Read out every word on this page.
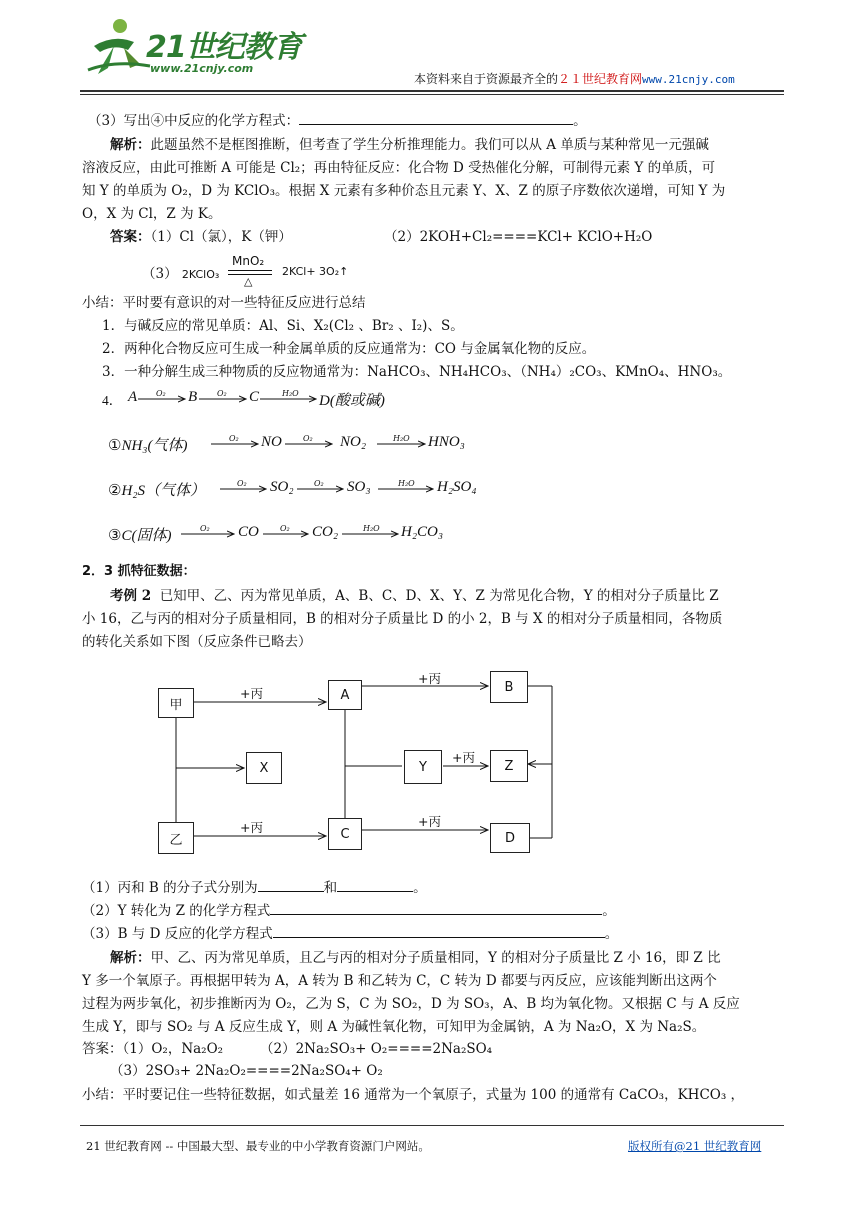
21世纪教育
www.21cnjy.com
本资料来自于资源最齐全的２１世纪教育网www.21cnjy.com
（3）写出④中反应的化学方程式：	。
解析：此题虽然不是框图推断，但考查了学生分析推理能力。我们可以从 A 单质与某种常见一元强碱
溶液反应，由此可推断 A 可能是 Cl₂；再由特征反应：化合物 D 受热催化分解，可制得元素 Y 的单质，可
知 Y 的单质为 O₂，D 为 KClO₃。根据 X 元素有多种价态且元素 Y、X、Z 的原子序数依次递增，可知 Y 为
O，X 为 Cl，Z 为 K。
答案：（1）Cl（氯），K（钾）	（2）2KOH+Cl₂====KCl+ KClO+H₂O
（3） 2KClO₃
MnO₂
△
2KCl+ 3O₂↑
小结：平时要有意识的对一些特征反应进行总结
1．与碱反应的常见单质：Al、Si、X₂(Cl₂ 、Br₂ 、I₂)、S。
2．两种化合物反应可生成一种金属单质的反应通常为：CO 与金属氧化物的反应。
3．一种分解生成三种物质的反应物通常为：NaHCO₃、NH₄HCO₃、（NH₄）₂CO₃、KMnO₄、HNO₃。
4． A O₂ B O₂ C	H₂O D(酸或碱)
①NH₃(气体)	O₂ NO	O₂ NO₂	H₂O HNO₃
②H₂S（气体）	O₂ SO₂	O₂ SO₃	H₂O H₂SO₄
③C(固体)	O₂ CO	O₂ CO₂	H₂O H₂CO₃
2．3 抓特征数据：
考例 2 已知甲、乙、丙为常见单质，A、B、C、D、X、Y、Z 为常见化合物，Y 的相对分子质量比 Z
小 16，乙与丙的相对分子质量相同，B 的相对分子质量比 D 的小 2，B 与 X 的相对分子质量相同，各物质
的转化关系如下图（反应条件已略去）
甲
A
B
X	Y	Z
乙	C	D
+丙
+丙
+丙
+丙	+丙
（1）丙和 B 的分子式分别为	和	。
（2）Y 转化为 Z 的化学方程式	。
（3）B 与 D 反应的化学方程式	。
解析：甲、乙、丙为常见单质，且乙与丙的相对分子质量相同，Y 的相对分子质量比 Z 小 16，即 Z 比
Y 多一个氧原子。再根据甲转为 A，A 转为 B 和乙转为 C，C 转为 D 都要与丙反应，应该能判断出这两个
过程为两步氧化，初步推断丙为 O₂，乙为 S，C 为 SO₂，D 为 SO₃，A、B 均为氧化物。又根据 C 与 A 反应
生成 Y，即与 SO₂ 与 A 反应生成 Y，则 A 为碱性氧化物，可知甲为金属钠，A 为 Na₂O，X 为 Na₂S。
答案：（1）O₂，Na₂O₂	（2）2Na₂SO₃+ O₂====2Na₂SO₄
（3）2SO₃+ 2Na₂O₂====2Na₂SO₄+ O₂
小结：平时要记住一些特征数据，如式量差 16 通常为一个氧原子，式量为 100 的通常有 CaCO₃，KHCO₃ ，
21 世纪教育网 -- 中国最大型、最专业的中小学教育资源门户网站。	版权所有@21 世纪教育网
